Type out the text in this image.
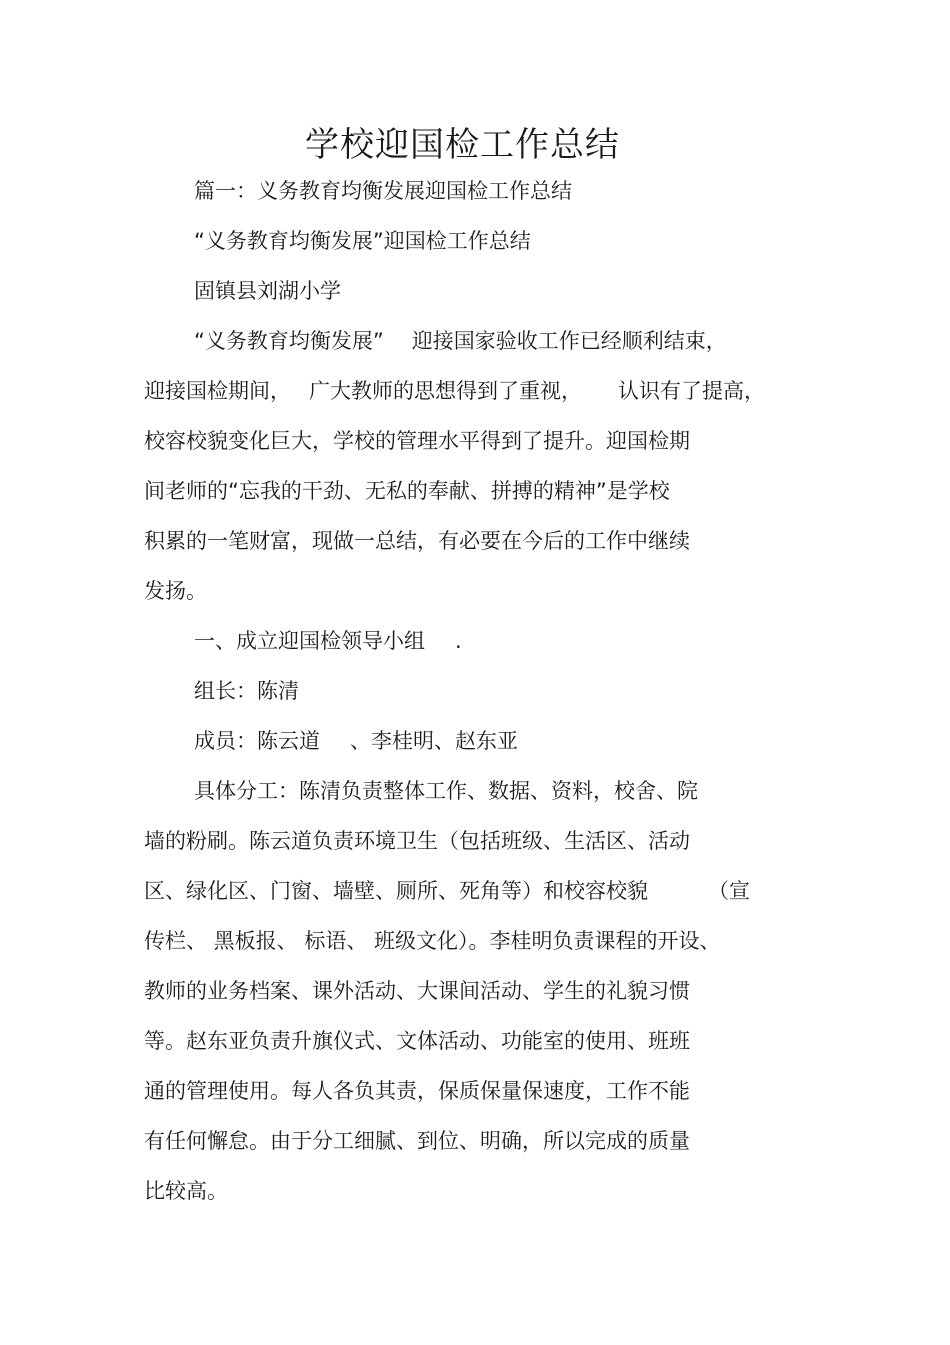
学校迎国检工作总结
篇一：义务教育均衡发展迎国检工作总结
“义务教育均衡发展”迎国检工作总结
固镇县刘湖小学
“义务教育均衡发展” 迎接国家验收工作已经顺利结束，
迎接国检期间， 广大教师的思想得到了重视， 认识有了提高，
校容校貌变化巨大，学校的管理水平得到了提升。迎国检期
间老师的“忘我的干劲、无私的奉献、拼搏的精神”是学校
积累的一笔财富，现做一总结，有必要在今后的工作中继续
发扬。
一、成立迎国检领导小组 .
组长：陈清
成员：陈云道 、李桂明、赵东亚
具体分工：陈清负责整体工作、数据、资料，校舍、院
墙的粉刷。陈云道负责环境卫生（包括班级、生活区、活动
区、绿化区、门窗、墙壁、厕所、死角等）和校容校貌	（宣
传栏、 黑板报、 标语、 班级文化）。李桂明负责课程的开设、
教师的业务档案、课外活动、大课间活动、学生的礼貌习惯
等。赵东亚负责升旗仪式、文体活动、功能室的使用、班班
通的管理使用。每人各负其责，保质保量保速度，工作不能
有任何懈怠。由于分工细腻、到位、明确，所以完成的质量
比较高。
